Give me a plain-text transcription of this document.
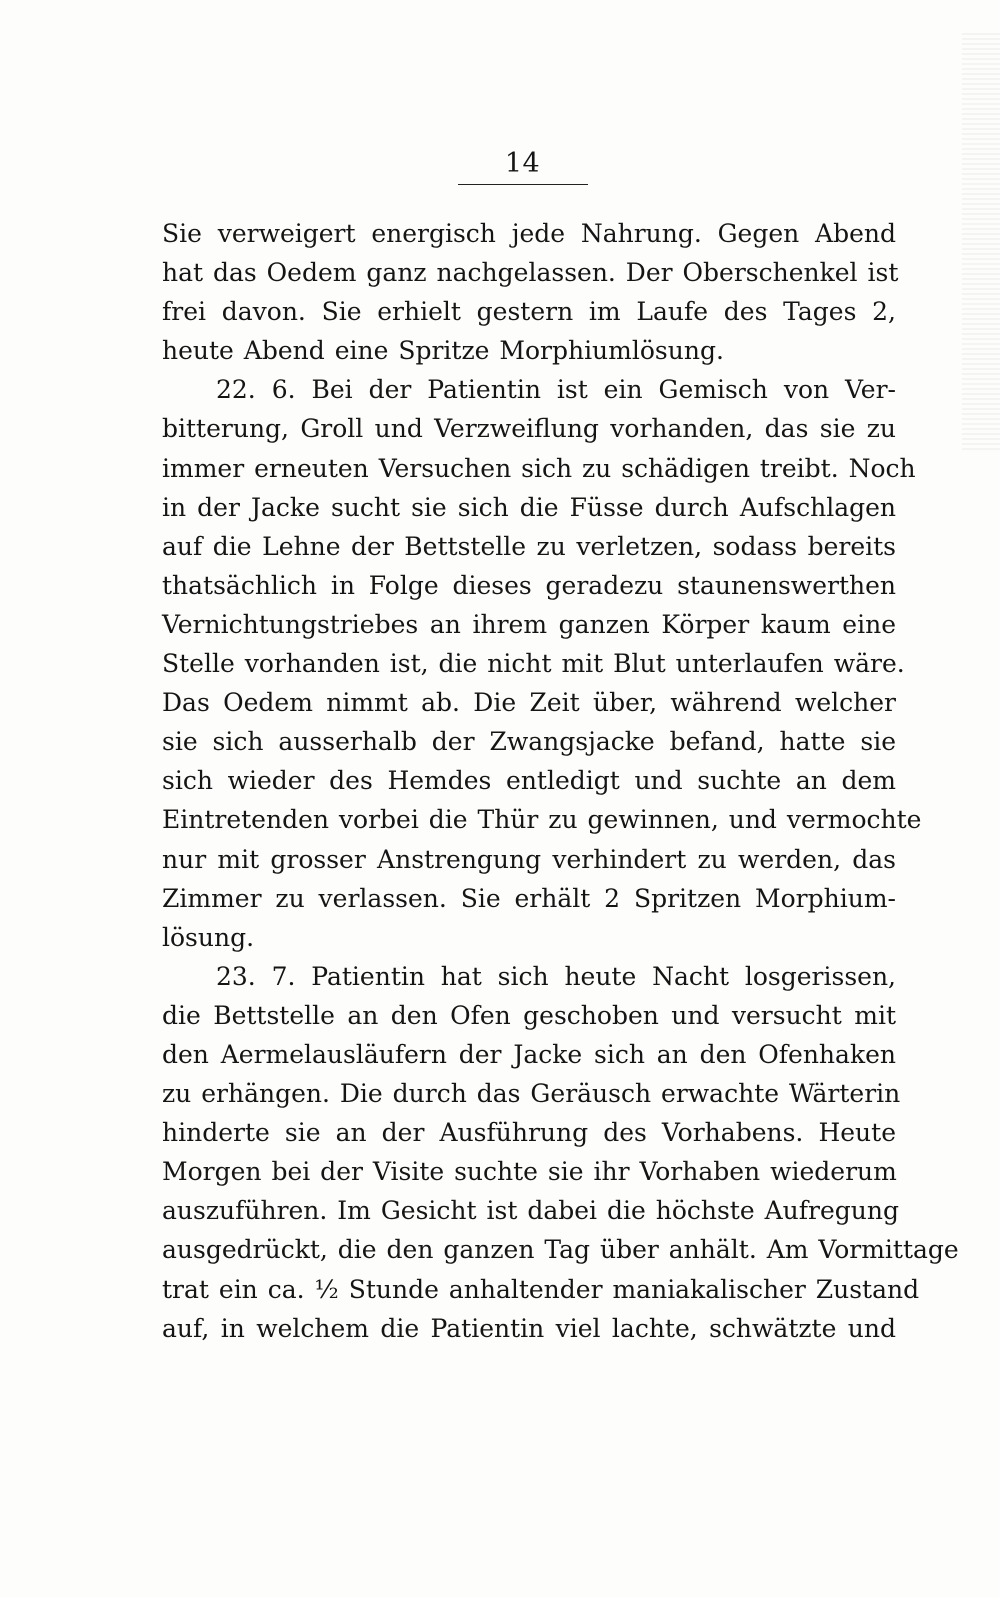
14
Sie verweigert energisch jede Nahrung. Gegen Abend
hat das Oedem ganz nachgelassen. Der Oberschenkel ist
frei davon. Sie erhielt gestern im Laufe des Tages 2,
heute Abend eine Spritze Morphiumlösung.
22. 6. Bei der Patientin ist ein Gemisch von Ver-
bitterung, Groll und Verzweiflung vorhanden, das sie zu
immer erneuten Versuchen sich zu schädigen treibt. Noch
in der Jacke sucht sie sich die Füsse durch Aufschlagen
auf die Lehne der Bettstelle zu verletzen, sodass bereits
thatsächlich in Folge dieses geradezu staunenswerthen
Vernichtungstriebes an ihrem ganzen Körper kaum eine
Stelle vorhanden ist, die nicht mit Blut unterlaufen wäre.
Das Oedem nimmt ab. Die Zeit über, während welcher
sie sich ausserhalb der Zwangsjacke befand, hatte sie
sich wieder des Hemdes entledigt und suchte an dem
Eintretenden vorbei die Thür zu gewinnen, und vermochte
nur mit grosser Anstrengung verhindert zu werden, das
Zimmer zu verlassen. Sie erhält 2 Spritzen Morphium-
lösung.
23. 7. Patientin hat sich heute Nacht losgerissen,
die Bettstelle an den Ofen geschoben und versucht mit
den Aermelausläufern der Jacke sich an den Ofenhaken
zu erhängen. Die durch das Geräusch erwachte Wärterin
hinderte sie an der Ausführung des Vorhabens. Heute
Morgen bei der Visite suchte sie ihr Vorhaben wiederum
auszuführen. Im Gesicht ist dabei die höchste Aufregung
ausgedrückt, die den ganzen Tag über anhält. Am Vormittage
trat ein ca. ½ Stunde anhaltender maniakalischer Zustand
auf, in welchem die Patientin viel lachte, schwätzte und
